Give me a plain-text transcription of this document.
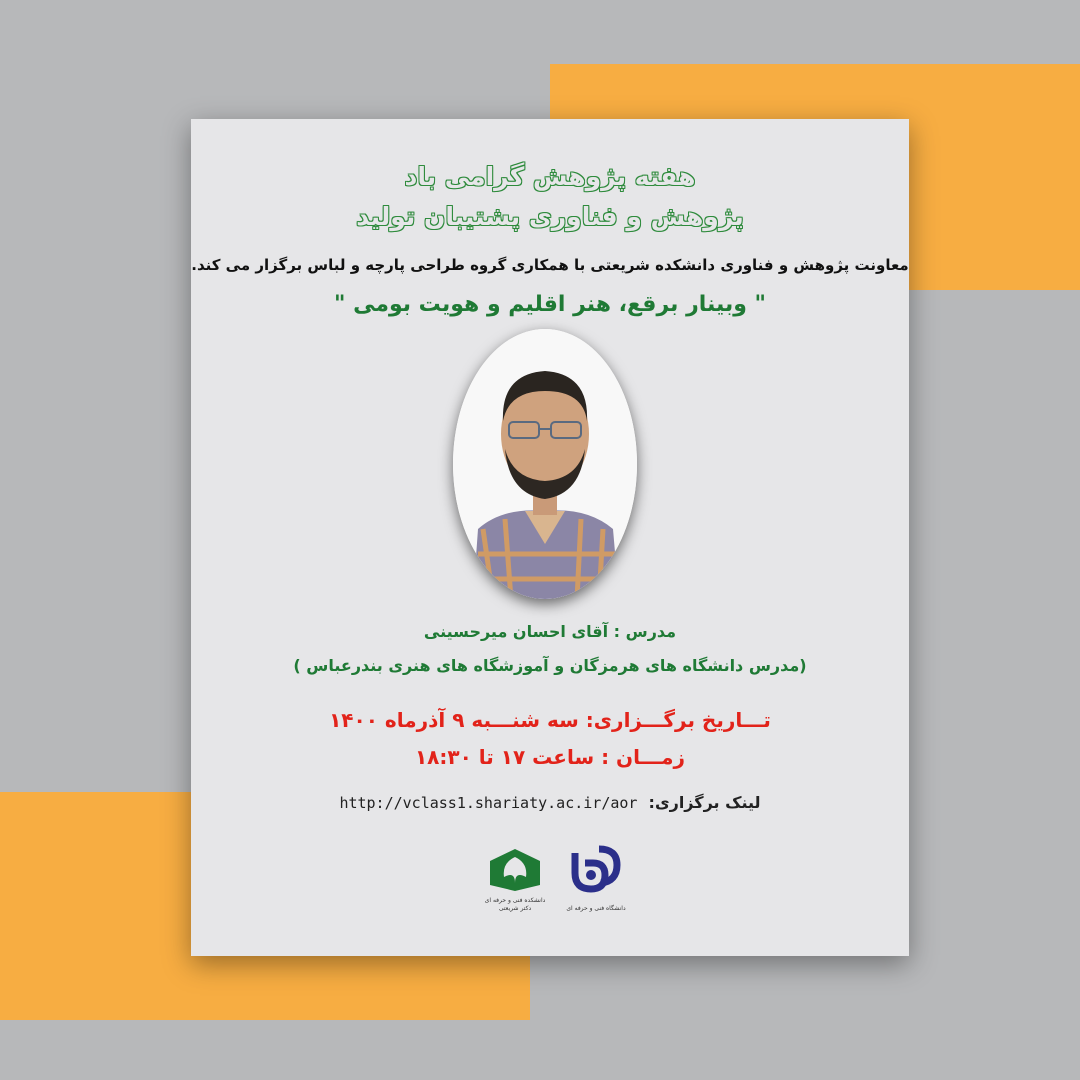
هفته پژوهش گرامی باد
پژوهش و فناوری پشتیبان تولید
معاونت پژوهش و فناوری دانشکده شریعتی با همکاری گروه طراحی پارچه و لباس برگزار می کند.
" وبینار برقع، هنر اقلیم و هویت بومی "
مدرس : آقای احسان میرحسینی
(مدرس دانشگاه های هرمزگان و آموزشگاه های هنری بندرعباس )
تـــاریخ برگـــزاری: سه شنـــبه ۹ آذرماه ۱۴۰۰
زمـــان : ساعت ۱۷ تا ۱۸:۳۰
http://vclass1.shariaty.ac.ir/aor لینک برگزاری:
دانشکده فنی و حرفه ای
دکتر شریعتی	دانشگاه فنی و حرفه ای
